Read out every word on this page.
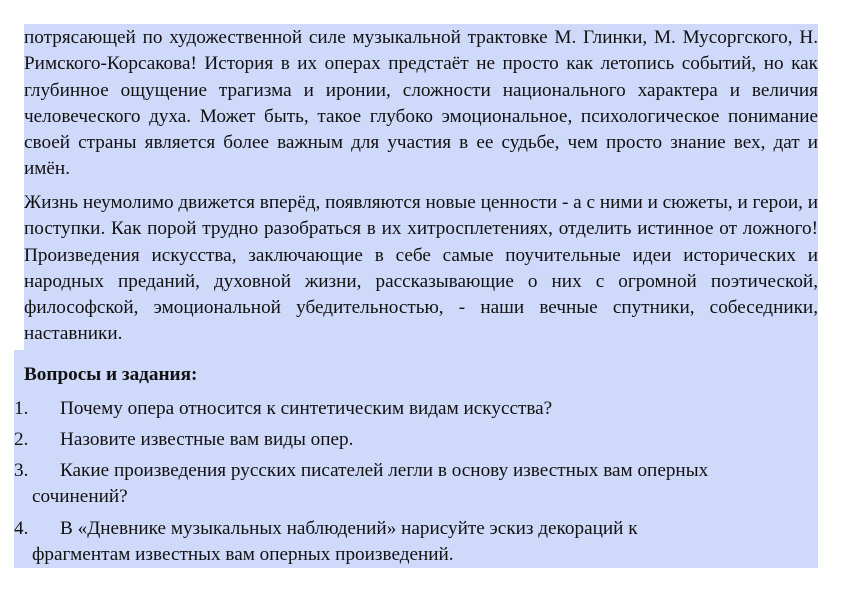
потрясающей по художественной силе музыкальной трактовке М. Глинки, М. Мусоргского, Н. Римского-Корсакова! История в их операх предстаёт не просто как летопись событий, но как глубинное ощущение трагизма и иронии, сложности национального характера и величия человеческого духа. Может быть, такое глубоко эмоциональное, психологическое понимание своей страны является более важным для участия в ее судьбе, чем просто знание вех, дат и имён.

Жизнь неумолимо движется вперёд, появляются новые ценности - а с ними и сюжеты, и герои, и поступки. Как порой трудно разобраться в их хитросплетениях, отделить истинное от ложного! Произведения искусства, заключающие в себе самые поучительные идеи исторических и народных преданий, духовной жизни, рассказывающие о них с огромной поэтической, философской, эмоциональной убедительностью, - наши вечные спутники, собеседники, наставники.

Вопросы и задания:

1. Почему опера относится к синтетическим видам искусства?
2. Назовите известные вам виды опер.
3. Какие произведения русских писателей легли в основу известных вам оперных
сочинений?
4. В «Дневнике музыкальных наблюдений» нарисуйте эскиз декораций к
фрагментам известных вам оперных произведений.
